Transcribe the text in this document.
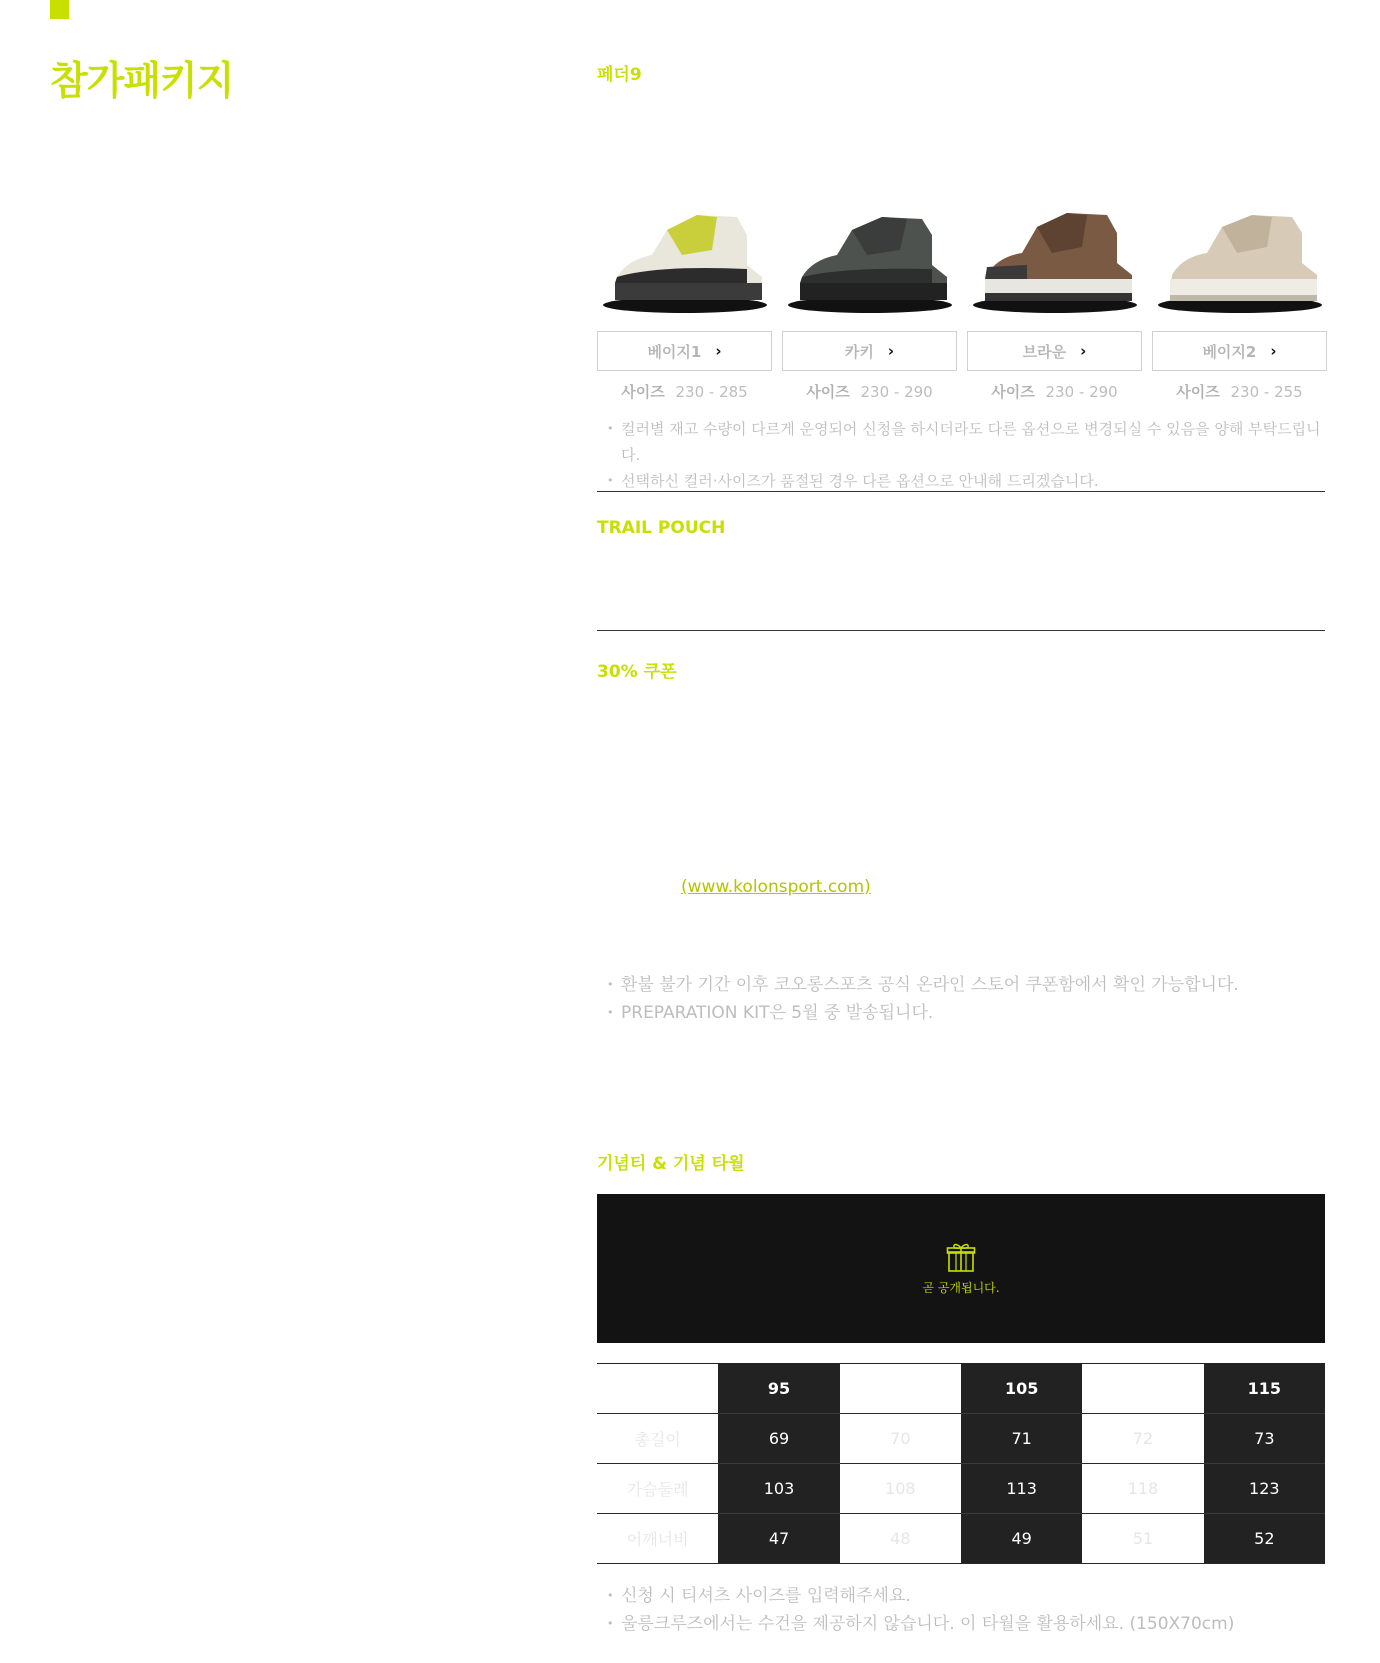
참가패키지	페더9
베이지1 ›
사이즈 230 - 285
카키 ›
사이즈 230 - 290
브라운 ›
사이즈 230 - 290
베이지2 ›
사이즈 230 - 255
• 컬러별 재고 수량이 다르게 운영되어 신청을 하시더라도 다른 옵션으로 변경되실 수 있음을 양해 부탁드립니다.
• 선택하신 컬러·사이즈가 품절된 경우 다른 옵션으로 안내해 드리겠습니다.
TRAIL POUCH
30% 쿠폰
(www.kolonsport.com)
• 환불 불가 기간 이후 코오롱스포츠 공식 온라인 스토어 쿠폰함에서 확인 가능합니다.
• PREPARATION KIT은 5월 중 발송됩니다.
기념티 & 기념 타월
곧 공개됩니다.
	95		105		115
총길이	69	70	71	72	73
가슴둘레	103	108	113	118	123
어깨너비	47	48	49	51	52
• 신청 시 티셔츠 사이즈를 입력해주세요.
• 울릉크루즈에서는 수건을 제공하지 않습니다. 이 타월을 활용하세요. (150X70cm)
